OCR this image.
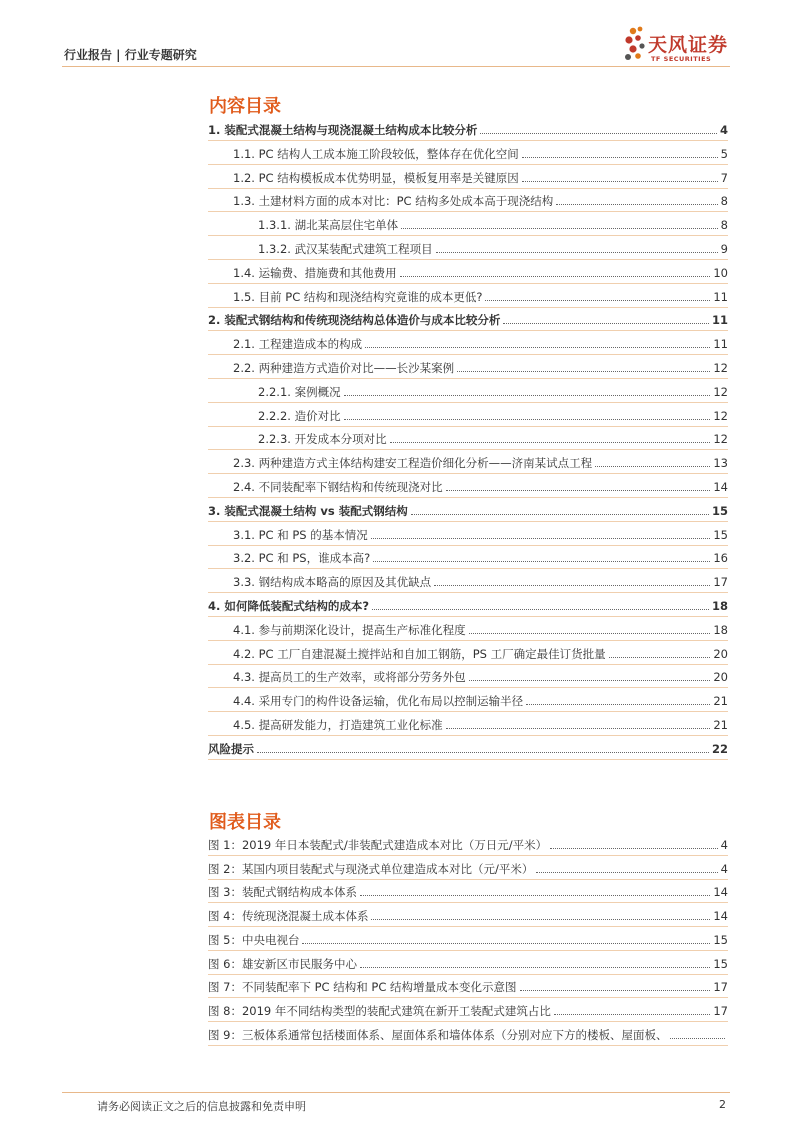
行业报告 | 行业专题研究	天风证券
TF SECURITIES
内容目录
1. 装配式混凝土结构与现浇混凝土结构成本比较分析	4
1.1. PC 结构人工成本施工阶段较低，整体存在优化空间	5
1.2. PC 结构模板成本优势明显，模板复用率是关键原因	7
1.3. 土建材料方面的成本对比：PC 结构多处成本高于现浇结构	8
1.3.1. 湖北某高层住宅单体	8
1.3.2. 武汉某装配式建筑工程项目	9
1.4. 运输费、措施费和其他费用	10
1.5. 目前 PC 结构和现浇结构究竟谁的成本更低?	11
2. 装配式钢结构和传统现浇结构总体造价与成本比较分析	11
2.1. 工程建造成本的构成	11
2.2. 两种建造方式造价对比——长沙某案例	12
2.2.1. 案例概况	12
2.2.2. 造价对比	12
2.2.3. 开发成本分项对比	12
2.3. 两种建造方式主体结构建安工程造价细化分析——济南某试点工程	13
2.4. 不同装配率下钢结构和传统现浇对比	14
3. 装配式混凝土结构 vs 装配式钢结构	15
3.1. PC 和 PS 的基本情况	15
3.2. PC 和 PS，谁成本高?	16
3.3. 钢结构成本略高的原因及其优缺点	17
4. 如何降低装配式结构的成本?	18
4.1. 参与前期深化设计，提高生产标准化程度	18
4.2. PC 工厂自建混凝土搅拌站和自加工钢筋，PS 工厂确定最佳订货批量	20
4.3. 提高员工的生产效率，或将部分劳务外包	20
4.4. 采用专门的构件设备运输，优化布局以控制运输半径	21
4.5. 提高研发能力，打造建筑工业化标准	21
风险提示	22
图表目录
图 1：2019 年日本装配式/非装配式建造成本对比（万日元/平米）	4
图 2：某国内项目装配式与现浇式单位建造成本对比（元/平米）	4
图 3：装配式钢结构成本体系	14
图 4：传统现浇混凝土成本体系	14
图 5：中央电视台	15
图 6：雄安新区市民服务中心	15
图 7：不同装配率下 PC 结构和 PC 结构增量成本变化示意图	17
图 8：2019 年不同结构类型的装配式建筑在新开工装配式建筑占比	17
图 9：三板体系通常包括楼面体系、屋面体系和墙体体系（分别对应下方的楼板、屋面板、
请务必阅读正文之后的信息披露和免责申明	2
